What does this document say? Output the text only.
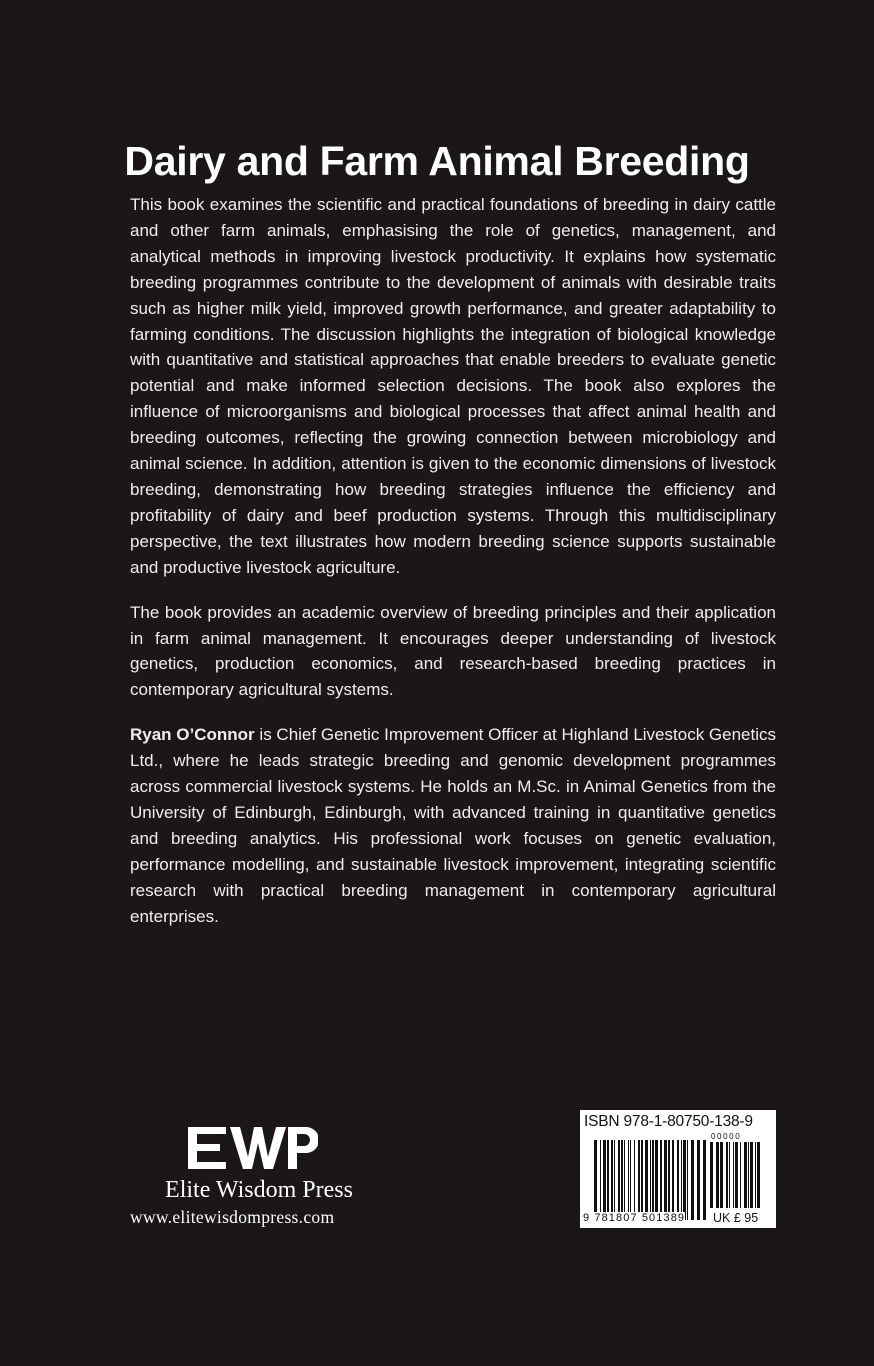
Dairy and Farm Animal Breeding

This book examines the scientific and practical foundations of breeding in dairy cattle and other farm animals, emphasising the role of genetics, management, and analytical methods in improving livestock productivity. It explains how systematic breeding programmes contribute to the development of animals with desirable traits such as higher milk yield, improved growth performance, and greater adaptability to farming conditions. The discussion highlights the integration of biological knowledge with quantitative and statistical approaches that enable breeders to evaluate genetic potential and make informed selection decisions. The book also explores the influence of microorganisms and biological processes that affect animal health and breeding outcomes, reflecting the growing connection between microbiology and animal science. In addition, attention is given to the economic dimensions of livestock breeding, demonstrating how breeding strategies influence the efficiency and profitability of dairy and beef production systems. Through this multidisciplinary perspective, the text illustrates how modern breeding science supports sustainable and productive livestock agriculture.

The book provides an academic overview of breeding principles and their application in farm animal management. It encourages deeper understanding of livestock genetics, production economics, and research-based breeding practices in contemporary agricultural systems.

Ryan O’Connor is Chief Genetic Improvement Officer at Highland Livestock Genetics Ltd., where he leads strategic breeding and genomic development programmes across commercial livestock systems. He holds an M.Sc. in Animal Genetics from the University of Edinburgh, Edinburgh, with advanced training in quantitative genetics and breeding analytics. His professional work focuses on genetic evaluation, performance modelling, and sustainable livestock improvement, integrating scientific research with practical breeding management in contemporary agricultural enterprises.

Elite Wisdom Press
www.elitewisdompress.com
ISBN 978-1-80750-138-9
00000
9 781807 501389 UK £ 95
